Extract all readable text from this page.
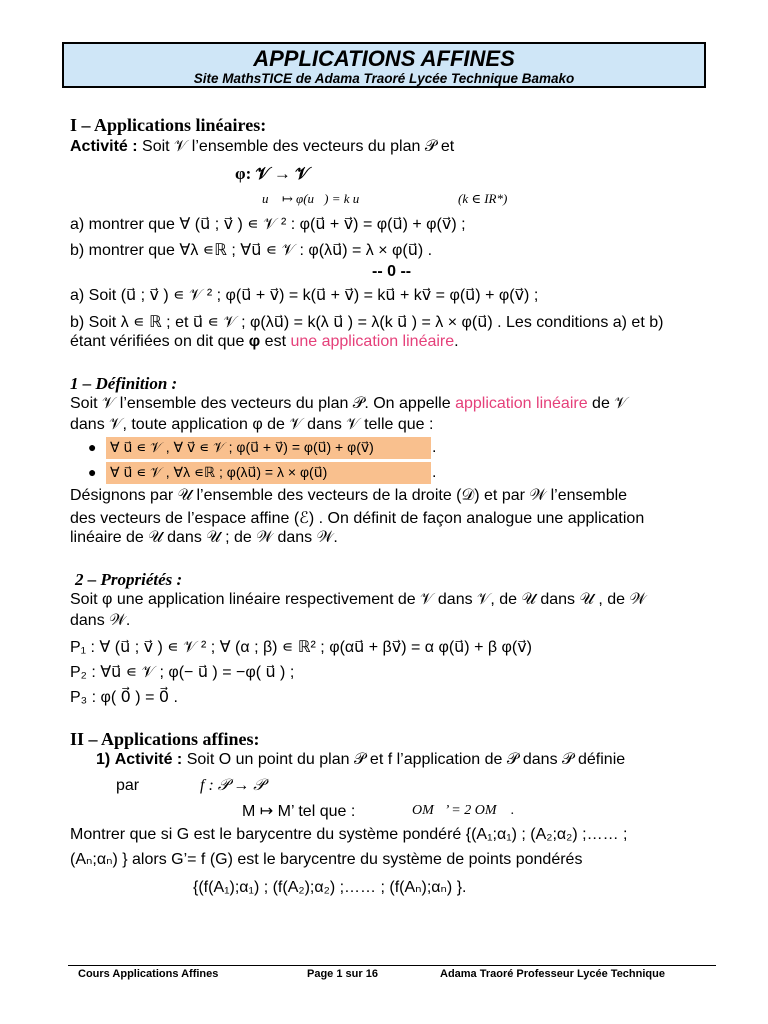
APPLICATIONS AFFINES
Site MathsTICE de Adama Traoré Lycée Technique Bamako
I – Applications linéaires:
Activité : Soit 𝒱 l’ensemble des vecteurs du plan 𝒫 et
φ: 𝒱 → 𝒱
u⃗ ↦ φ(u⃗) = k u⃗	(k ∈ IR*)
a) montrer que ∀ (u⃗ ; v⃗ ) ∊ 𝒱 ² : φ(u⃗ + v⃗) = φ(u⃗) + φ(v⃗) ;
b) montrer que ∀λ ∊ℝ ; ∀u⃗ ∊ 𝒱 : φ(λu⃗) = λ × φ(u⃗) .
-- 0 --
a) Soit (u⃗ ; v⃗ ) ∊ 𝒱 ² ; φ(u⃗ + v⃗) = k(u⃗ + v⃗) = ku⃗ + kv⃗ = φ(u⃗) + φ(v⃗) ;
b) Soit λ ∊ ℝ ; et u⃗ ∊ 𝒱 ; φ(λu⃗) = k(λ u⃗ ) = λ(k u⃗ ) = λ × φ(u⃗) . Les conditions a) et b)
étant vérifiées on dit que φ est une application linéaire.
1 – Définition :
Soit 𝒱 l’ensemble des vecteurs du plan 𝒫. On appelle application linéaire de 𝒱
dans 𝒱, toute application φ de 𝒱 dans 𝒱 telle que :
● ∀ u⃗ ∊ 𝒱 , ∀ v⃗ ∊ 𝒱 ; φ(u⃗ + v⃗) = φ(u⃗) + φ(v⃗)	.
● ∀ u⃗ ∊ 𝒱 , ∀λ ∊ℝ ; φ(λu⃗) = λ × φ(u⃗)	.
Désignons par 𝒰 l’ensemble des vecteurs de la droite (𝒟) et par 𝒲 l’ensemble
des vecteurs de l’espace affine (ℰ) . On définit de façon analogue une application
linéaire de 𝒰 dans 𝒰 ; de 𝒲 dans 𝒲.
2 – Propriétés :
Soit φ une application linéaire respectivement de 𝒱 dans 𝒱, de 𝒰 dans 𝒰 , de 𝒲
dans 𝒲.
P₁ : ∀ (u⃗ ; v⃗ ) ∊ 𝒱 ² ; ∀ (α ; β) ∊ ℝ² ; φ(αu⃗ + βv⃗) = α φ(u⃗) + β φ(v⃗)
P₂ : ∀u⃗ ∊ 𝒱 ; φ(− u⃗ ) = −φ( u⃗ ) ;
P₃ : φ( 0⃗ ) = 0⃗ .
II – Applications affines:
1) Activité : Soit O un point du plan 𝒫 et f l’application de 𝒫 dans 𝒫 définie
par	f : 𝒫 → 𝒫
M ↦ M’ tel que :	OM⃗’ = 2 OM⃗ .
Montrer que si G est le barycentre du système pondéré {(A₁;α₁) ; (A₂;α₂) ;…… ;
(Aₙ;αₙ) } alors G’= f (G) est le barycentre du système de points pondérés
{(f(A₁);α₁) ; (f(A₂);α₂) ;…… ; (f(Aₙ);αₙ) }.
Cours Applications Affines	Page 1 sur 16	Adama Traoré Professeur Lycée Technique
